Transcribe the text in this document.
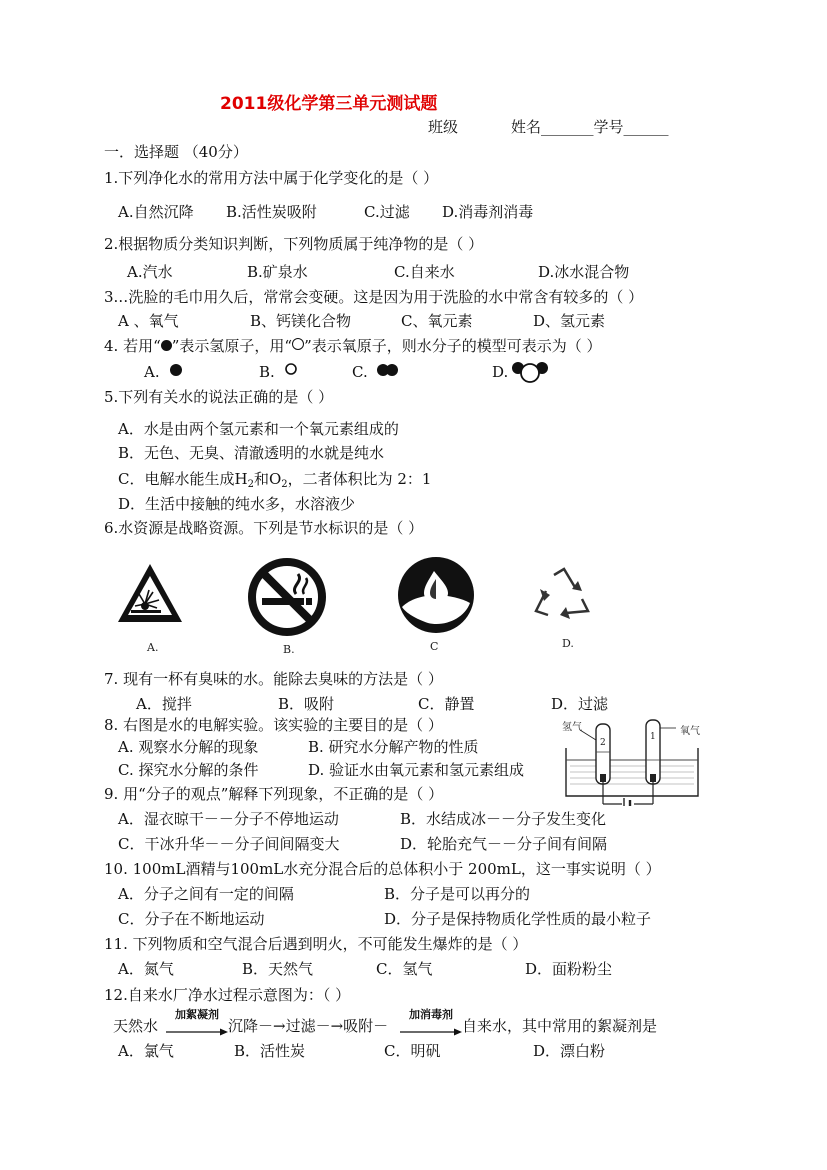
2011级化学第三单元测试题
班级	姓名_______学号______
一．选择题 （40分）
1.下列净化水的常用方法中属于化学变化的是（ ）
A.自然沉降 B.活性炭吸附	C.过滤 D.消毒剂消毒
2.根据物质分类知识判断，下列物质属于纯净物的是（ ）
A.汽水	B.矿泉水	C.自来水	D.冰水混合物
3.‥洗脸的毛巾用久后，常常会变硬。这是因为用于洗脸的水中常含有较多的（ ）
A 、氧气	B、钙镁化合物	C、氧元素	D、氢元素
4. 若用“ ”表示氢原子，用“ ”表示氧原子，则水分子的模型可表示为（ ）
A.	B.	C.	D.
5.下列有关水的说法正确的是（ ）
A．水是由两个氢元素和一个氧元素组成的
B．无色、无臭、清澈透明的水就是纯水
C．电解水能生成$H_2$和$O_2$，二者体积比为 2：1
D．生活中接触的纯水多，水溶液少
6.水资源是战略资源。下列是节水标识的是（ ）
A.	B.	C	D.
7. 现有一杯有臭味的水。能除去臭味的方法是（ ）
A．搅拌	B．吸附	C．静置	D．过滤
8. 右图是水的电解实验。该实验的主要目的是（ ）
A. 观察水分解的现象	B. 研究水分解产物的性质
C. 探究水分解的条件	D. 验证水由氧元素和氢元素组成
氢气	氧气
2
1
9. 用“分子的观点”解释下列现象，不正确的是（ ）
A．湿衣晾干－－分子不停地运动	B．水结成冰－－分子发生变化
C．干冰升华－－分子间间隔变大	D．轮胎充气－－分子间有间隔
10. 100mL酒精与100mL水充分混合后的总体积小于 200mL，这一事实说明（ ）
A．分子之间有一定的间隔	B．分子是可以再分的
C．分子在不断地运动	D．分子是保持物质化学性质的最小粒子
11. 下列物质和空气混合后遇到明火，不可能发生爆炸的是（ ）
A．氮气	B．天然气	C．氢气	D．面粉粉尘
12.自来水厂净水过程示意图为：（ ）
天然水
加絮凝剂
沉降－→过滤－→吸附－
加消毒剂
自来水，其中常用的絮凝剂是
A．氯气	B．活性炭	C．明矾	D．漂白粉
